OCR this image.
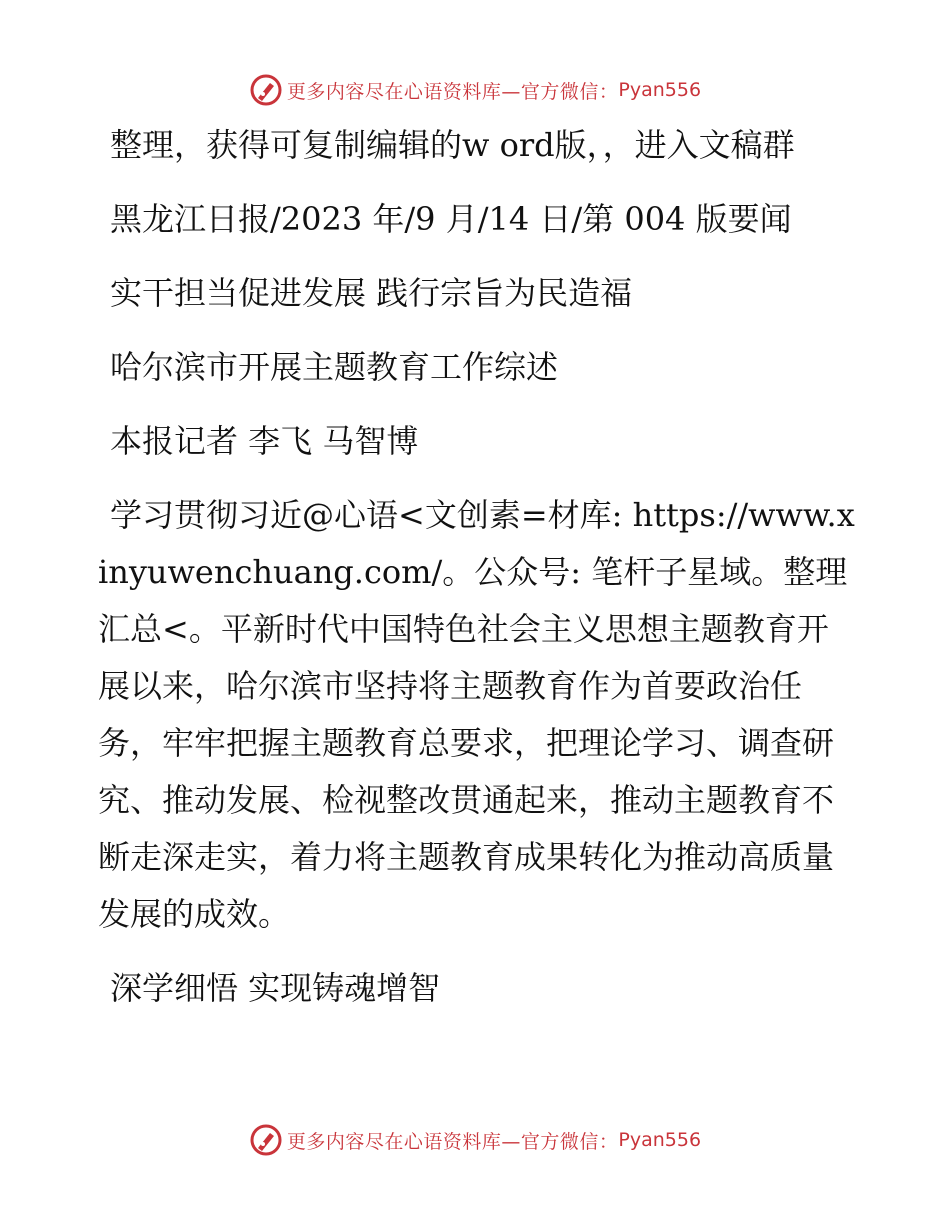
更多内容尽在心语资料库—官方微信： Pyan556

整理，获得可复制编辑的w ord版，，进入文稿群

黑龙江日报/2023 年/9 月/14 日/第 004 版要闻

实干担当促进发展 践行宗旨为民造福

哈尔滨市开展主题教育工作综述

本报记者 李飞 马智博

学习贯彻习近@心语<文创素=材库: https://www.xinyuwenchuang.com/。公众号: 笔杆子星域。整理汇总<。平新时代中国特色社会主义思想主题教育开展以来，哈尔滨市坚持将主题教育作为首要政治任务，牢牢把握主题教育总要求，把理论学习、调查研究、推动发展、检视整改贯通起来，推动主题教育不断走深走实，着力将主题教育成果转化为推动高质量发展的成效。

深学细悟 实现铸魂增智

更多内容尽在心语资料库—官方微信： Pyan556
